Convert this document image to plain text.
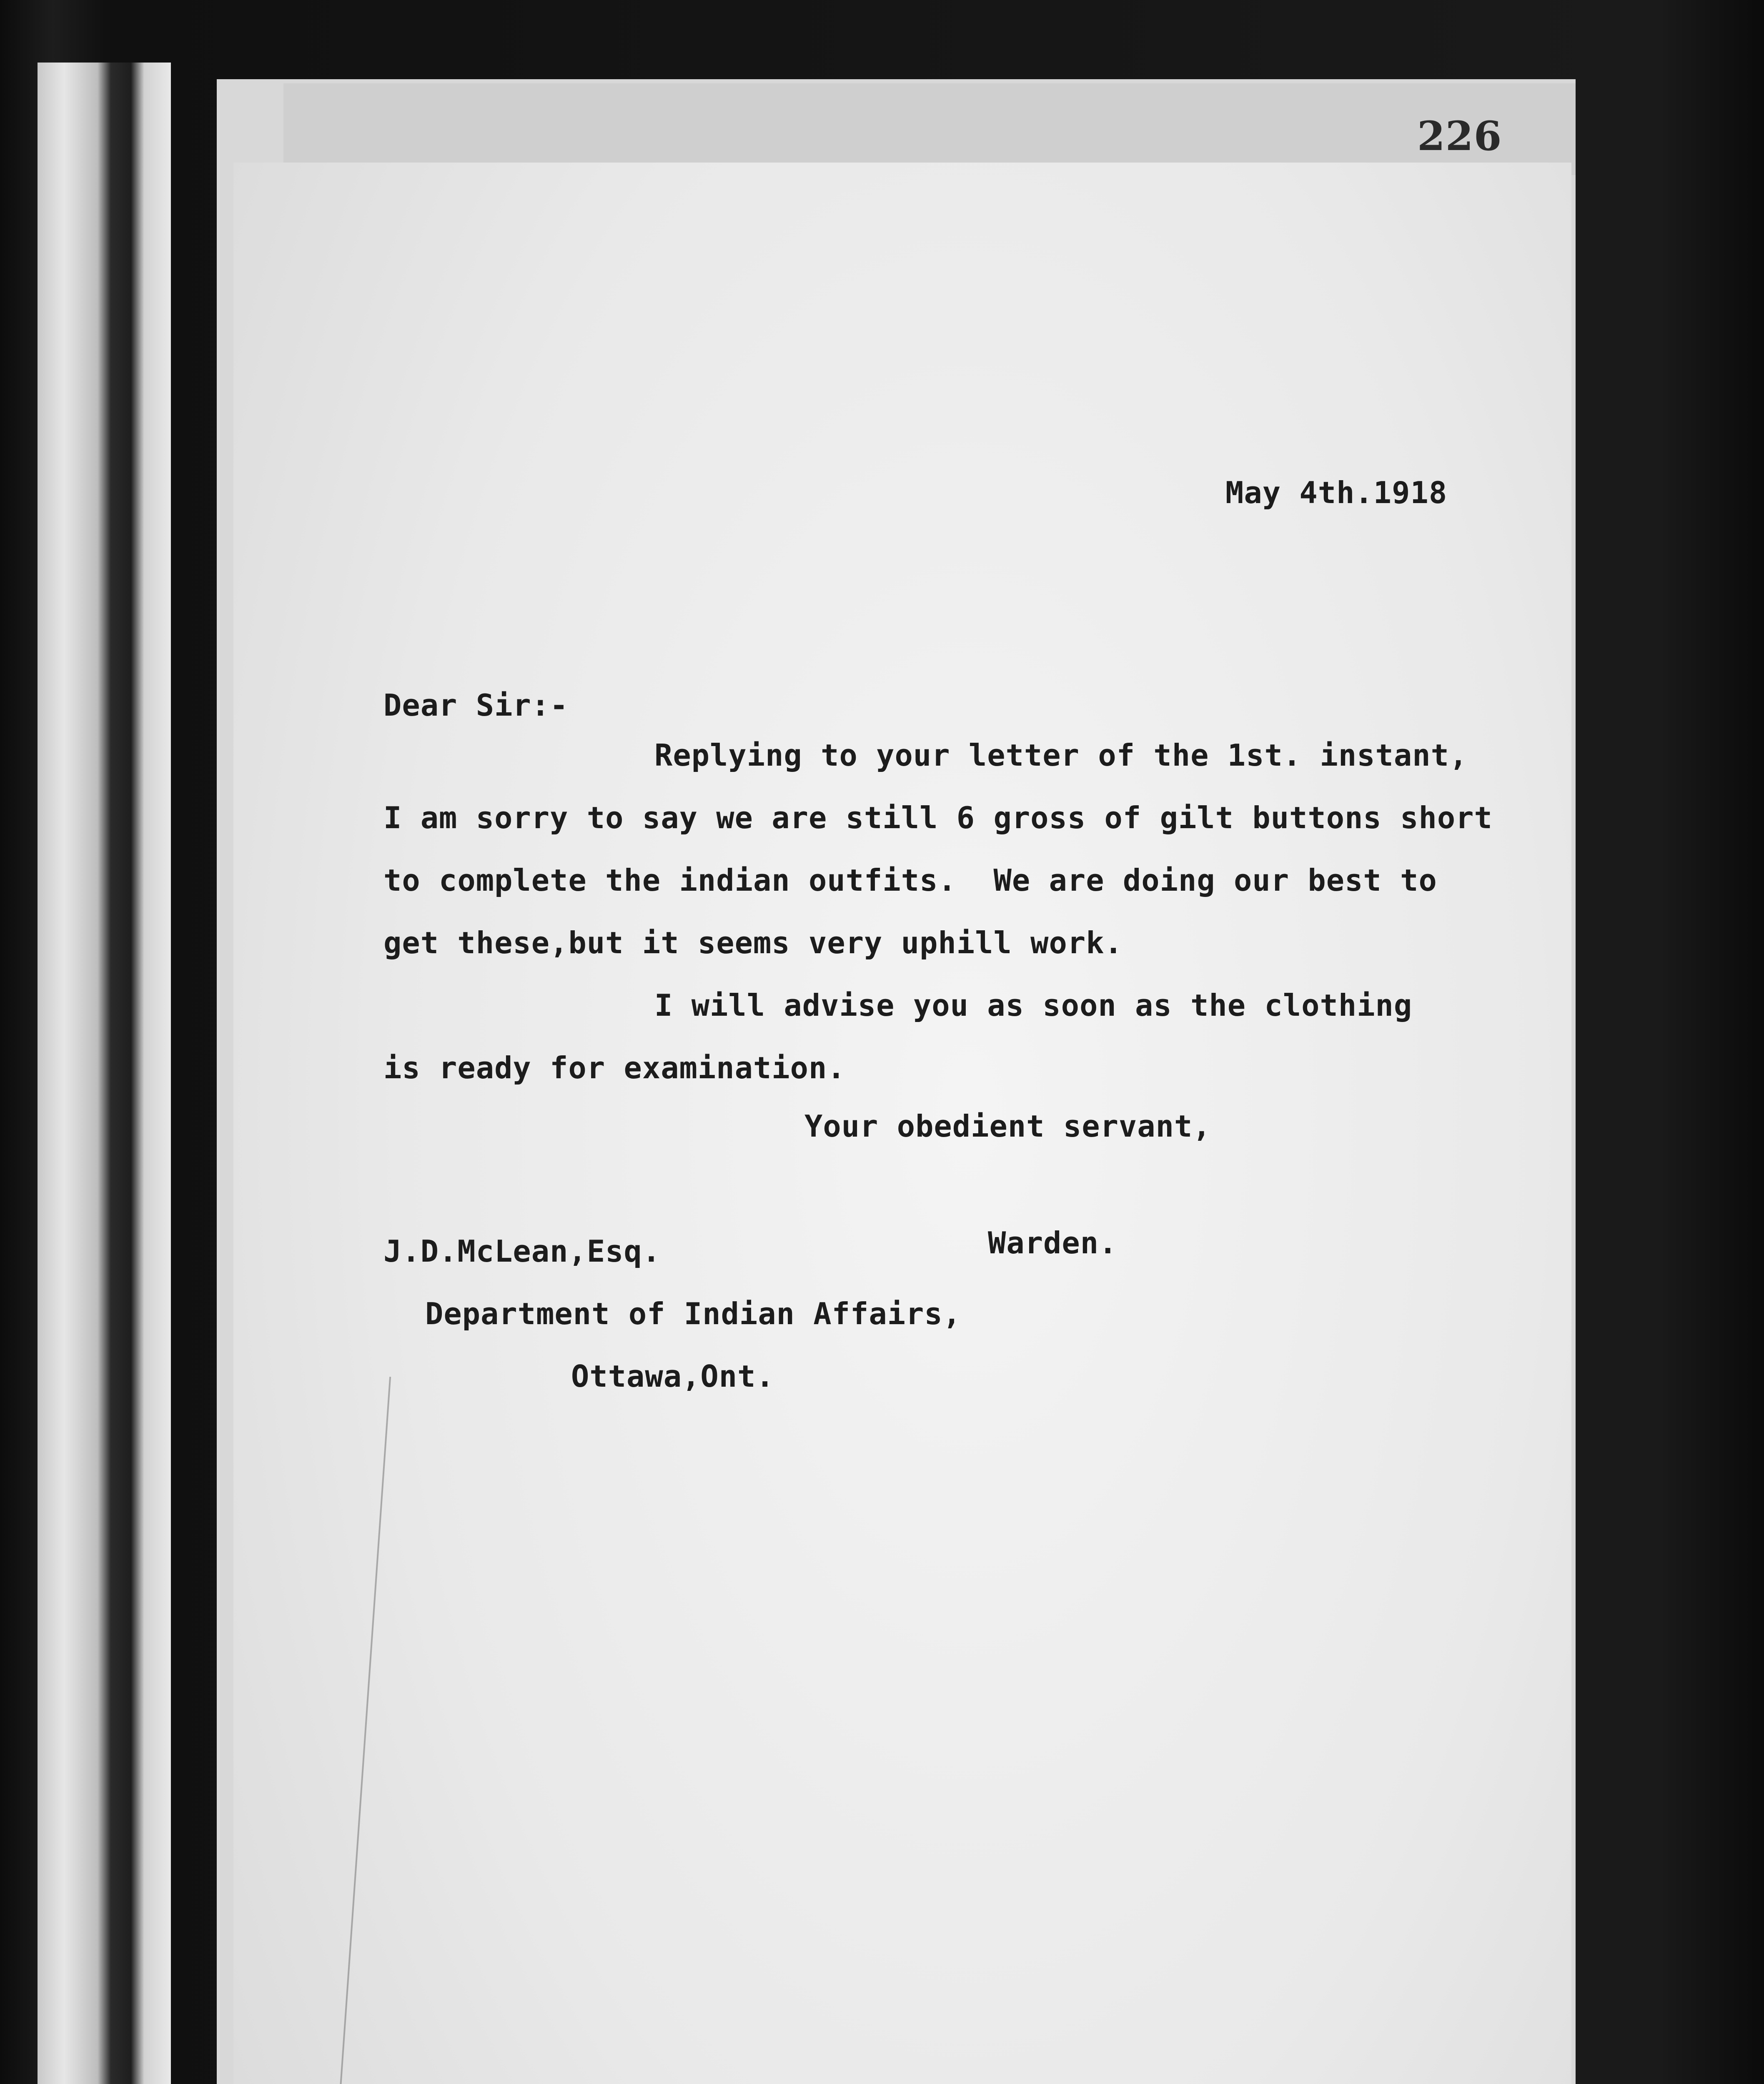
226
May 4th.1918
Dear Sir:-
Replying to your letter of the 1st. instant,
I am sorry to say we are still 6 gross of gilt buttons short
to complete the indian outfits.  We are doing our best to
get these,but it seems very uphill work.
I will advise you as soon as the clothing
is ready for examination.
Your obedient servant,
Warden.
J.D.McLean,Esq.
Department of Indian Affairs,
Ottawa,Ont.
